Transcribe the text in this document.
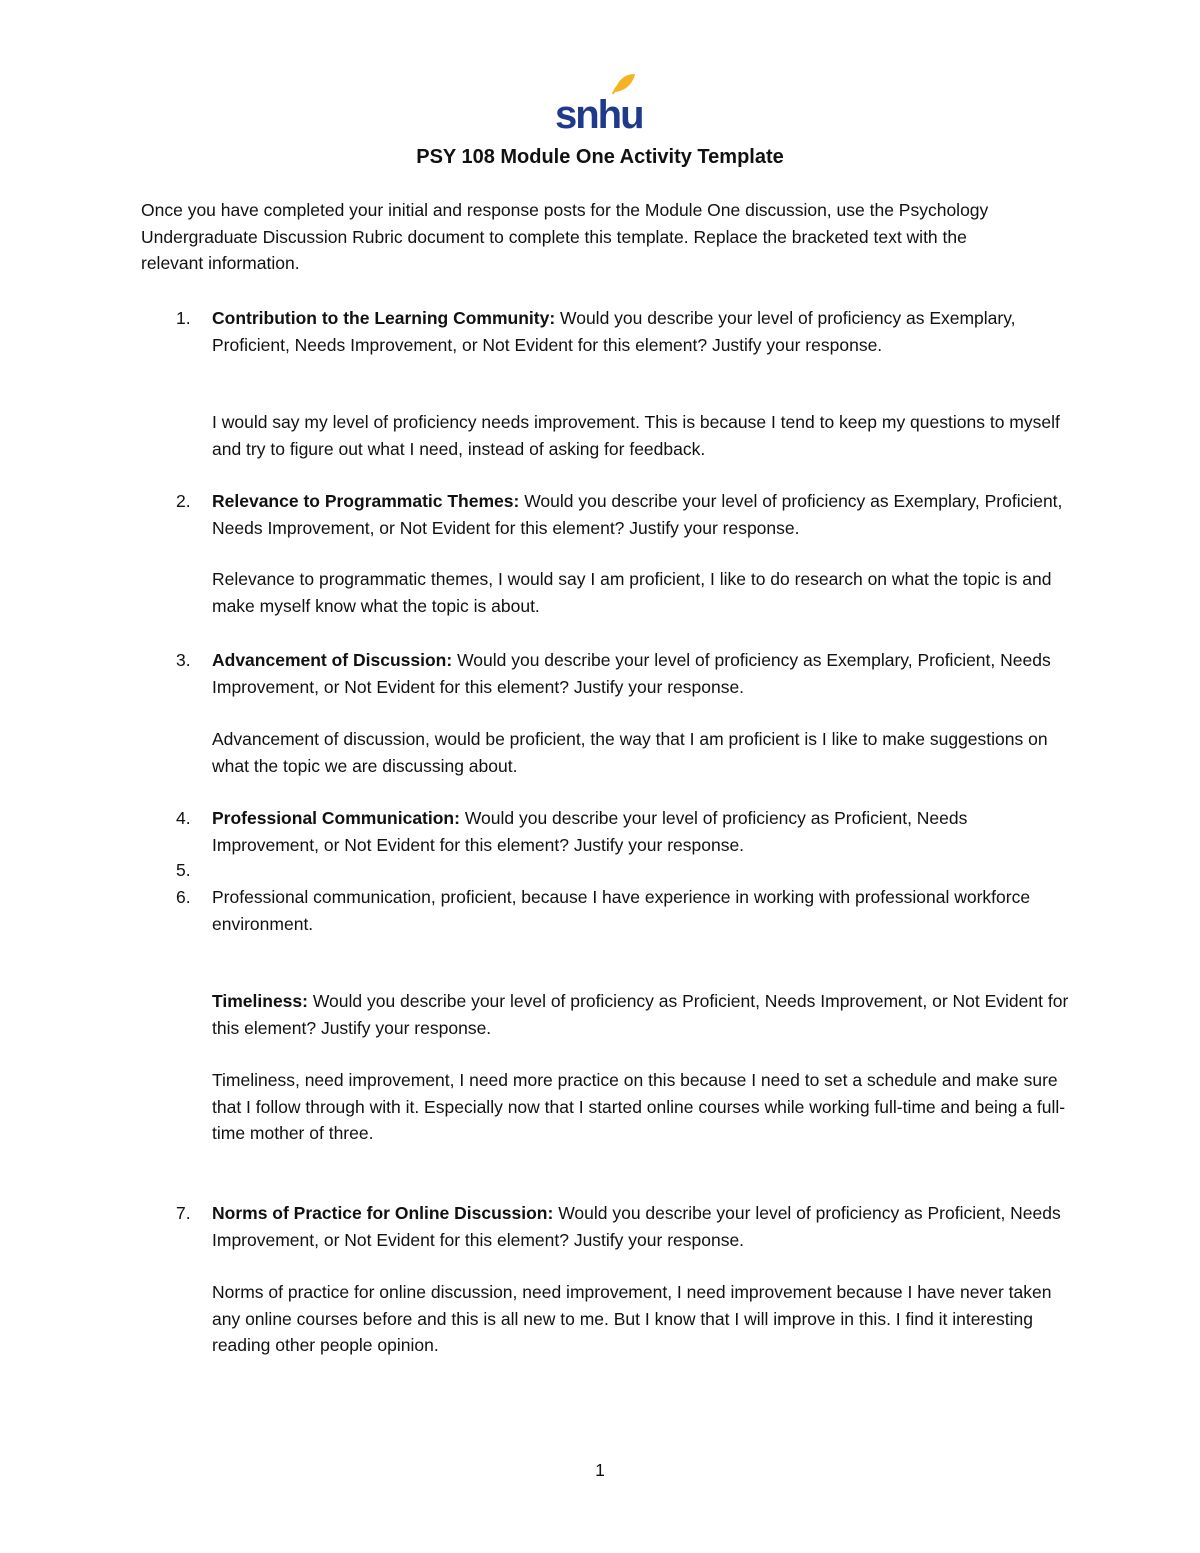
snhu
PSY 108 Module One Activity Template
Once you have completed your initial and response posts for the Module One discussion, use the Psychology Undergraduate Discussion Rubric document to complete this template. Replace the bracketed text with the relevant information.
1. Contribution to the Learning Community: Would you describe your level of proficiency as Exemplary, Proficient, Needs Improvement, or Not Evident for this element? Justify your response.
I would say my level of proficiency needs improvement. This is because I tend to keep my questions to myself and try to figure out what I need, instead of asking for feedback.
2. Relevance to Programmatic Themes: Would you describe your level of proficiency as Exemplary, Proficient, Needs Improvement, or Not Evident for this element? Justify your response.
Relevance to programmatic themes, I would say I am proficient, I like to do research on what the topic is and make myself know what the topic is about.
3. Advancement of Discussion: Would you describe your level of proficiency as Exemplary, Proficient, Needs Improvement, or Not Evident for this element? Justify your response.
Advancement of discussion, would be proficient, the way that I am proficient is I like to make suggestions on what the topic we are discussing about.
4. Professional Communication: Would you describe your level of proficiency as Proficient, Needs Improvement, or Not Evident for this element? Justify your response.
5.
6. Professional communication, proficient, because I have experience in working with professional workforce environment.
Timeliness: Would you describe your level of proficiency as Proficient, Needs Improvement, or Not Evident for this element? Justify your response.
Timeliness, need improvement, I need more practice on this because I need to set a schedule and make sure that I follow through with it. Especially now that I started online courses while working full-time and being a full-time mother of three.
7. Norms of Practice for Online Discussion: Would you describe your level of proficiency as Proficient, Needs Improvement, or Not Evident for this element? Justify your response.
Norms of practice for online discussion, need improvement, I need improvement because I have never taken any online courses before and this is all new to me. But I know that I will improve in this. I find it interesting reading other people opinion.
1
